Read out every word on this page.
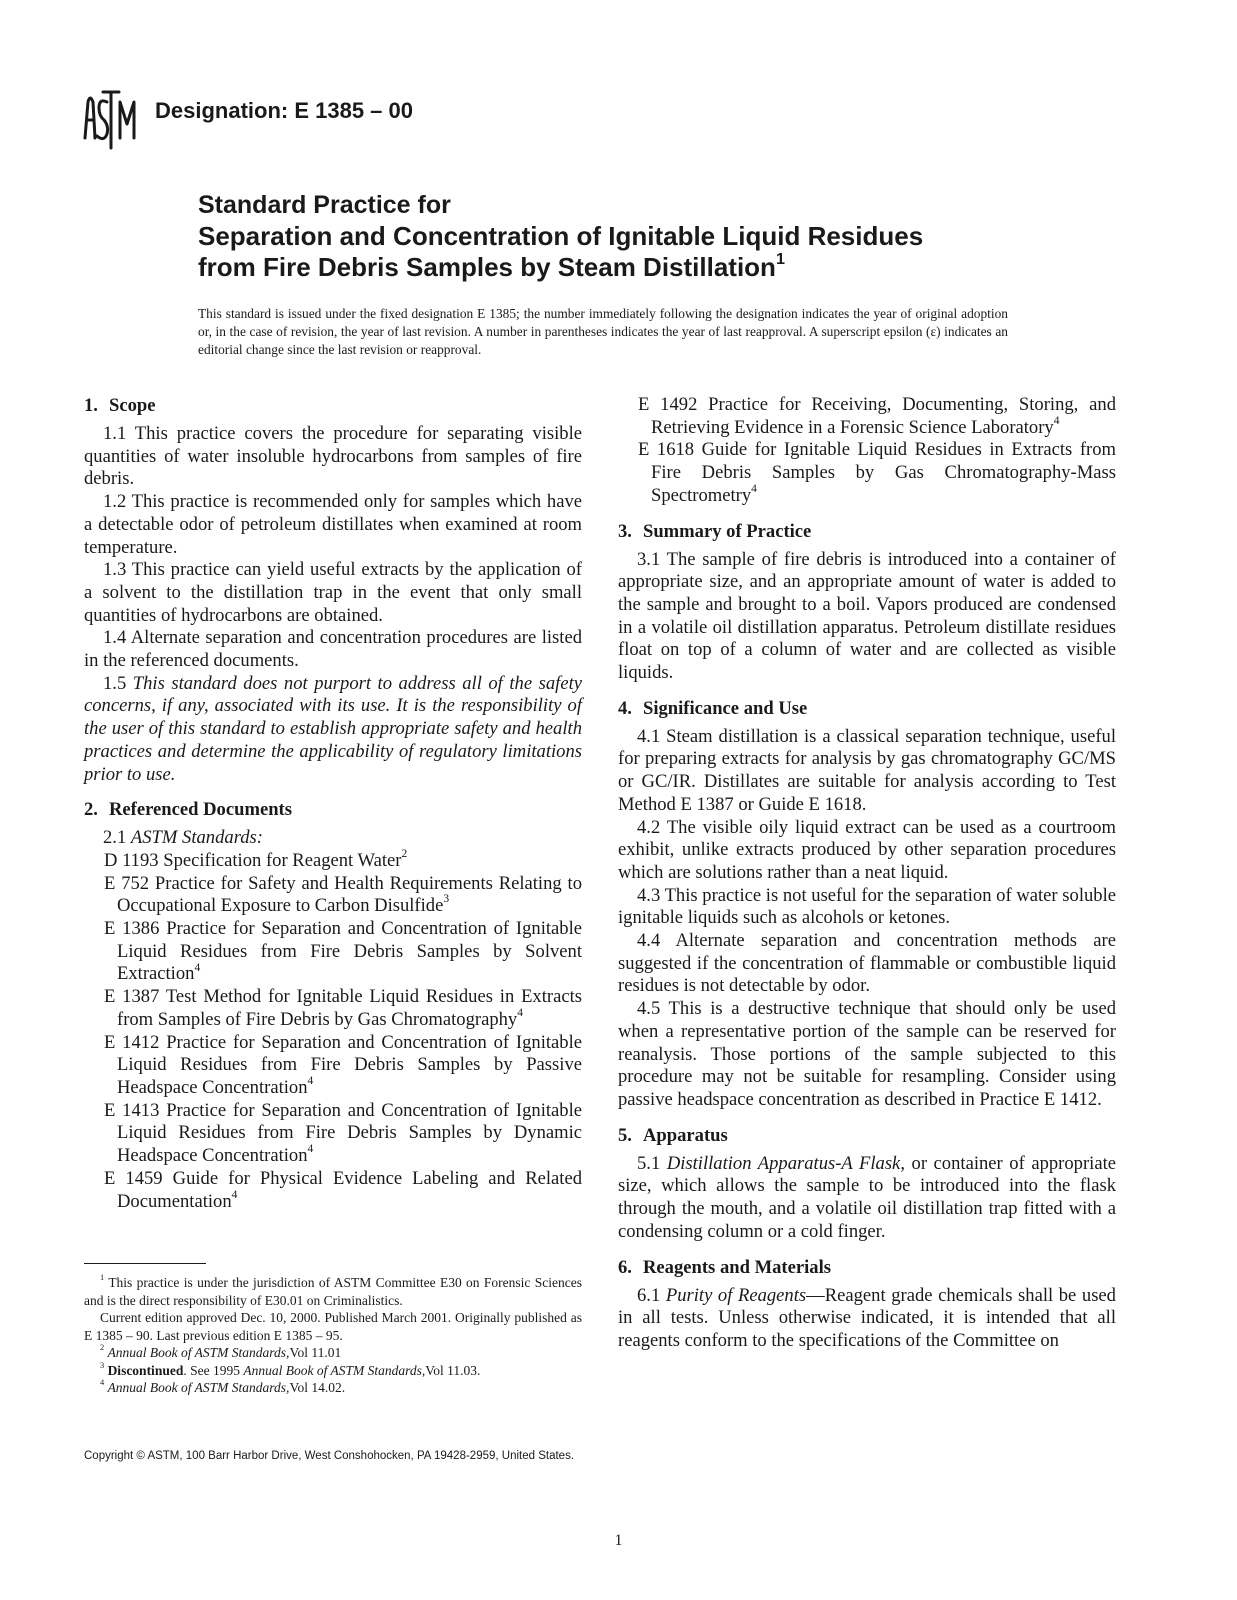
Designation: E 1385 – 00
Standard Practice for
Separation and Concentration of Ignitable Liquid Residues
from Fire Debris Samples by Steam Distillation$^1$
This standard is issued under the fixed designation E 1385; the number immediately following the designation indicates the year of original adoption or, in the case of revision, the year of last revision. A number in parentheses indicates the year of last reapproval. A superscript epsilon (ε) indicates an editorial change since the last revision or reapproval.
1. Scope

1.1 This practice covers the procedure for separating visible quantities of water insoluble hydrocarbons from samples of fire debris.

1.2 This practice is recommended only for samples which have a detectable odor of petroleum distillates when examined at room temperature.

1.3 This practice can yield useful extracts by the application of a solvent to the distillation trap in the event that only small quantities of hydrocarbons are obtained.

1.4 Alternate separation and concentration procedures are listed in the referenced documents.

1.5 This standard does not purport to address all of the safety concerns, if any, associated with its use. It is the responsibility of the user of this standard to establish appropriate safety and health practices and determine the applicability of regulatory limitations prior to use.

2. Referenced Documents

2.1 ASTM Standards:

D 1193 Specification for Reagent Water$^2$

E 752 Practice for Safety and Health Requirements Relating to Occupational Exposure to Carbon Disulfide$^3$

E 1386 Practice for Separation and Concentration of Ignitable Liquid Residues from Fire Debris Samples by Solvent Extraction$^4$

E 1387 Test Method for Ignitable Liquid Residues in Extracts from Samples of Fire Debris by Gas Chromatography$^4$

E 1412 Practice for Separation and Concentration of Ignitable Liquid Residues from Fire Debris Samples by Passive Headspace Concentration$^4$

E 1413 Practice for Separation and Concentration of Ignitable Liquid Residues from Fire Debris Samples by Dynamic Headspace Concentration$^4$

E 1459 Guide for Physical Evidence Labeling and Related Documentation$^4$

E 1492 Practice for Receiving, Documenting, Storing, and Retrieving Evidence in a Forensic Science Laboratory$^4$

E 1618 Guide for Ignitable Liquid Residues in Extracts from Fire Debris Samples by Gas Chromatography-Mass Spectrometry$^4$

3. Summary of Practice

3.1 The sample of fire debris is introduced into a container of appropriate size, and an appropriate amount of water is added to the sample and brought to a boil. Vapors produced are condensed in a volatile oil distillation apparatus. Petroleum distillate residues float on top of a column of water and are collected as visible liquids.

4. Significance and Use

4.1 Steam distillation is a classical separation technique, useful for preparing extracts for analysis by gas chromatography GC/MS or GC/IR. Distillates are suitable for analysis according to Test Method E 1387 or Guide E 1618.

4.2 The visible oily liquid extract can be used as a courtroom exhibit, unlike extracts produced by other separation procedures which are solutions rather than a neat liquid.

4.3 This practice is not useful for the separation of water soluble ignitable liquids such as alcohols or ketones.

4.4 Alternate separation and concentration methods are suggested if the concentration of flammable or combustible liquid residues is not detectable by odor.

4.5 This is a destructive technique that should only be used when a representative portion of the sample can be reserved for reanalysis. Those portions of the sample subjected to this procedure may not be suitable for resampling. Consider using passive headspace concentration as described in Practice E 1412.

5. Apparatus

5.1 Distillation Apparatus-A Flask, or container of appropriate size, which allows the sample to be introduced into the flask through the mouth, and a volatile oil distillation trap fitted with a condensing column or a cold finger.

6. Reagents and Materials

6.1 Purity of Reagents—Reagent grade chemicals shall be used in all tests. Unless otherwise indicated, it is intended that all reagents conform to the specifications of the Committee on

$^1$ This practice is under the jurisdiction of ASTM Committee E30 on Forensic Sciences and is the direct responsibility of E30.01 on Criminalistics.

Current edition approved Dec. 10, 2000. Published March 2001. Originally published as E 1385 – 90. Last previous edition E 1385 – 95.

$^2$ Annual Book of ASTM Standards,Vol 11.01

$^3$ Discontinued. See 1995 Annual Book of ASTM Standards,Vol 11.03.

$^4$ Annual Book of ASTM Standards,Vol 14.02.

Copyright © ASTM, 100 Barr Harbor Drive, West Conshohocken, PA 19428-2959, United States.
1
